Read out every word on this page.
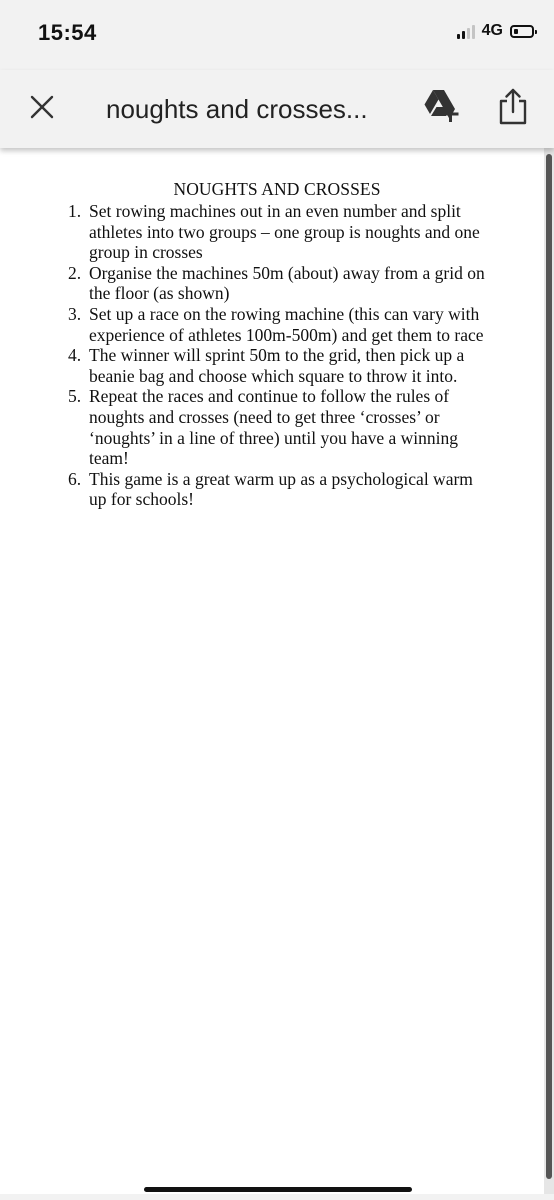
15:54	4G
noughts and crosses...
NOUGHTS AND CROSSES
1. Set rowing machines out in an even number and split
athletes into two groups – one group is noughts and one
group in crosses
2. Organise the machines 50m (about) away from a grid on
the floor (as shown)
3. Set up a race on the rowing machine (this can vary with
experience of athletes 100m-500m) and get them to race
4. The winner will sprint 50m to the grid, then pick up a
beanie bag and choose which square to throw it into.
5. Repeat the races and continue to follow the rules of
noughts and crosses (need to get three ‘crosses’ or
‘noughts’ in a line of three) until you have a winning
team!
6. This game is a great warm up as a psychological warm
up for schools!
